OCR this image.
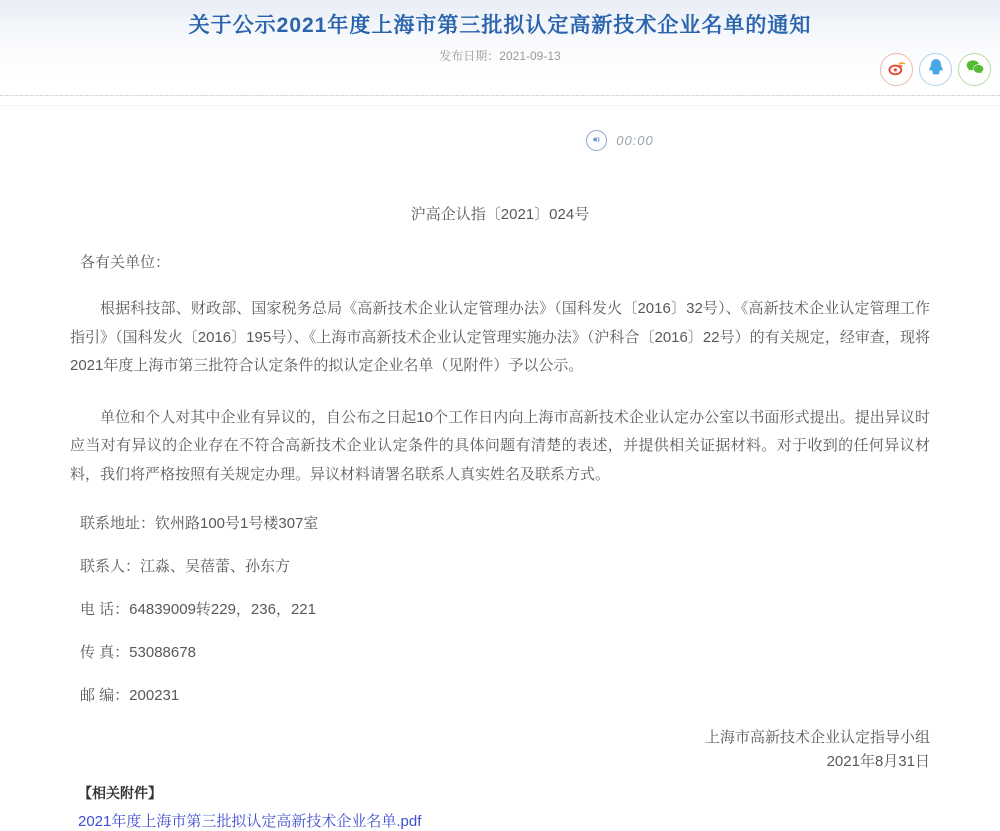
关于公示2021年度上海市第三批拟认定高新技术企业名单的通知
发布日期：2021-09-13
00:00
沪高企认指〔2021〕024号
各有关单位：

根据科技部、财政部、国家税务总局《高新技术企业认定管理办法》（国科发火〔2016〕32号）、《高新技术企业认定管理工作指引》（国科发火〔2016〕195号）、《上海市高新技术企业认定管理实施办法》（沪科合〔2016〕22号）的有关规定，经审查，现将2021年度上海市第三批符合认定条件的拟认定企业名单（见附件）予以公示。

单位和个人对其中企业有异议的，自公布之日起10个工作日内向上海市高新技术企业认定办公室以书面形式提出。提出异议时应当对有异议的企业存在不符合高新技术企业认定条件的具体问题有清楚的表述，并提供相关证据材料。对于收到的任何异议材料，我们将严格按照有关规定办理。异议材料请署名联系人真实姓名及联系方式。

联系地址：钦州路100号1号楼307室
联系人：江淼、吴蓓蕾、孙东方
电 话：64839009转229，236，221
传 真：53088678
邮 编：200231
上海市高新技术企业认定指导小组
2021年8月31日
【相关附件】
2021年度上海市第三批拟认定高新技术企业名单.pdf
